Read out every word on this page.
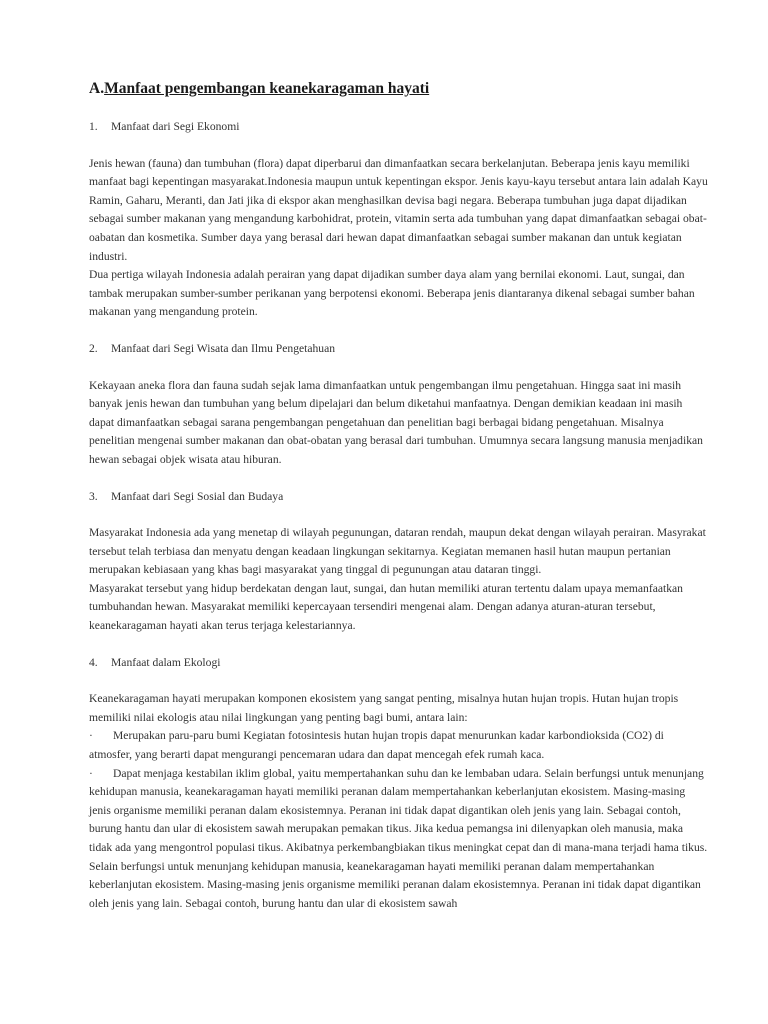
A.Manfaat pengembangan keanekaragaman hayati

1. Manfaat dari Segi Ekonomi

Jenis hewan (fauna) dan tumbuhan (flora) dapat diperbarui dan dimanfaatkan secara berkelanjutan. Beberapa jenis kayu memiliki manfaat bagi kepentingan masyarakat.Indonesia maupun untuk kepentingan ekspor. Jenis kayu-kayu tersebut antara lain adalah Kayu Ramin, Gaharu, Meranti, dan Jati jika di ekspor akan menghasilkan devisa bagi negara. Beberapa tumbuhan juga dapat dijadikan sebagai sumber makanan yang mengandung karbohidrat, protein, vitamin serta ada tumbuhan yang dapat dimanfaatkan sebagai obat-oabatan dan kosmetika. Sumber daya yang berasal dari hewan dapat dimanfaatkan sebagai sumber makanan dan untuk kegiatan industri.

Dua pertiga wilayah Indonesia adalah perairan yang dapat dijadikan sumber daya alam yang bernilai ekonomi. Laut, sungai, dan tambak merupakan sumber-sumber perikanan yang berpotensi ekonomi. Beberapa jenis diantaranya dikenal sebagai sumber bahan makanan yang mengandung protein.

2. Manfaat dari Segi Wisata dan Ilmu Pengetahuan

Kekayaan aneka flora dan fauna sudah sejak lama dimanfaatkan untuk pengembangan ilmu pengetahuan. Hingga saat ini masih banyak jenis hewan dan tumbuhan yang belum dipelajari dan belum diketahui manfaatnya. Dengan demikian keadaan ini masih dapat dimanfaatkan sebagai sarana pengembangan pengetahuan dan penelitian bagi berbagai bidang pengetahuan. Misalnya penelitian mengenai sumber makanan dan obat-obatan yang berasal dari tumbuhan. Umumnya secara langsung manusia menjadikan hewan sebagai objek wisata atau hiburan.

3. Manfaat dari Segi Sosial dan Budaya

Masyarakat Indonesia ada yang menetap di wilayah pegunungan, dataran rendah, maupun dekat dengan wilayah perairan. Masyrakat tersebut telah terbiasa dan menyatu dengan keadaan lingkungan sekitarnya. Kegiatan memanen hasil hutan maupun pertanian merupakan kebiasaan yang khas bagi masyarakat yang tinggal di pegunungan atau dataran tinggi.

Masyarakat tersebut yang hidup berdekatan dengan laut, sungai, dan hutan memiliki aturan tertentu dalam upaya memanfaatkan tumbuhandan hewan. Masyarakat memiliki kepercayaan tersendiri mengenai alam. Dengan adanya aturan-aturan tersebut, keanekaragaman hayati akan terus terjaga kelestariannya.

4. Manfaat dalam Ekologi

Keanekaragaman hayati merupakan komponen ekosistem yang sangat penting, misalnya hutan hujan tropis. Hutan hujan tropis memiliki nilai ekologis atau nilai lingkungan yang penting bagi bumi, antara lain:

· Merupakan paru-paru bumi Kegiatan fotosintesis hutan hujan tropis dapat menurunkan kadar karbondioksida (CO2) di atmosfer, yang berarti dapat mengurangi pencemaran udara dan dapat mencegah efek rumah kaca.

· Dapat menjaga kestabilan iklim global, yaitu mempertahankan suhu dan ke lembaban udara. Selain berfungsi untuk menunjang kehidupan manusia, keanekaragaman hayati memiliki peranan dalam mempertahankan keberlanjutan ekosistem. Masing-masing jenis organisme memiliki peranan dalam ekosistemnya. Peranan ini tidak dapat digantikan oleh jenis yang lain. Sebagai contoh, burung hantu dan ular di ekosistem sawah merupakan pemakan tikus. Jika kedua pemangsa ini dilenyapkan oleh manusia, maka tidak ada yang mengontrol populasi tikus. Akibatnya perkembangbiakan tikus meningkat cepat dan di mana-mana terjadi hama tikus.

Selain berfungsi untuk menunjang kehidupan manusia, keanekaragaman hayati memiliki peranan dalam mempertahankan keberlanjutan ekosistem. Masing-masing jenis organisme memiliki peranan dalam ekosistemnya. Peranan ini tidak dapat digantikan oleh jenis yang lain. Sebagai contoh, burung hantu dan ular di ekosistem sawah
